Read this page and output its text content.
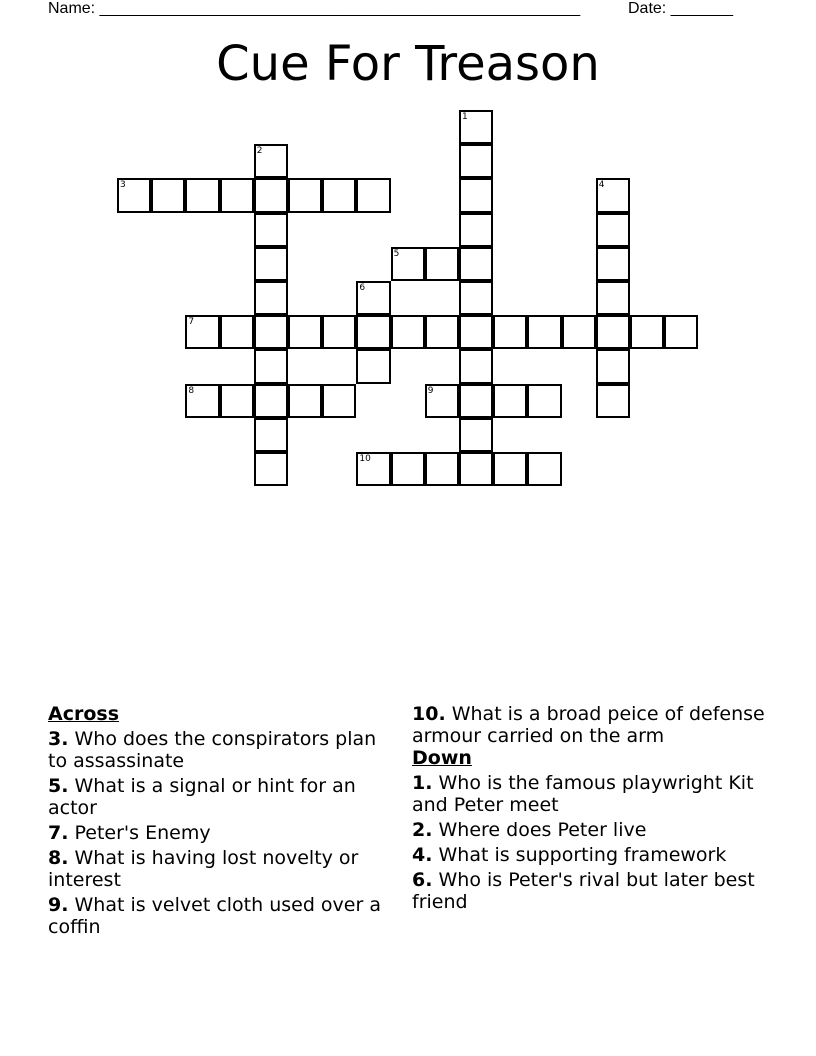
Name: ______________________________________________________	Date: _______
Cue For Treason
1
2
3	4
5
6
7
8	9
10
Across
3. Who does the conspirators plan to assassinate
5. What is a signal or hint for an actor
7. Peter's Enemy
8. What is having lost novelty or interest
9. What is velvet cloth used over a coffin
10. What is a broad peice of defense armour carried on the arm
Down
1. Who is the famous playwright Kit and Peter meet
2. Where does Peter live
4. What is supporting framework
6. Who is Peter's rival but later best friend
